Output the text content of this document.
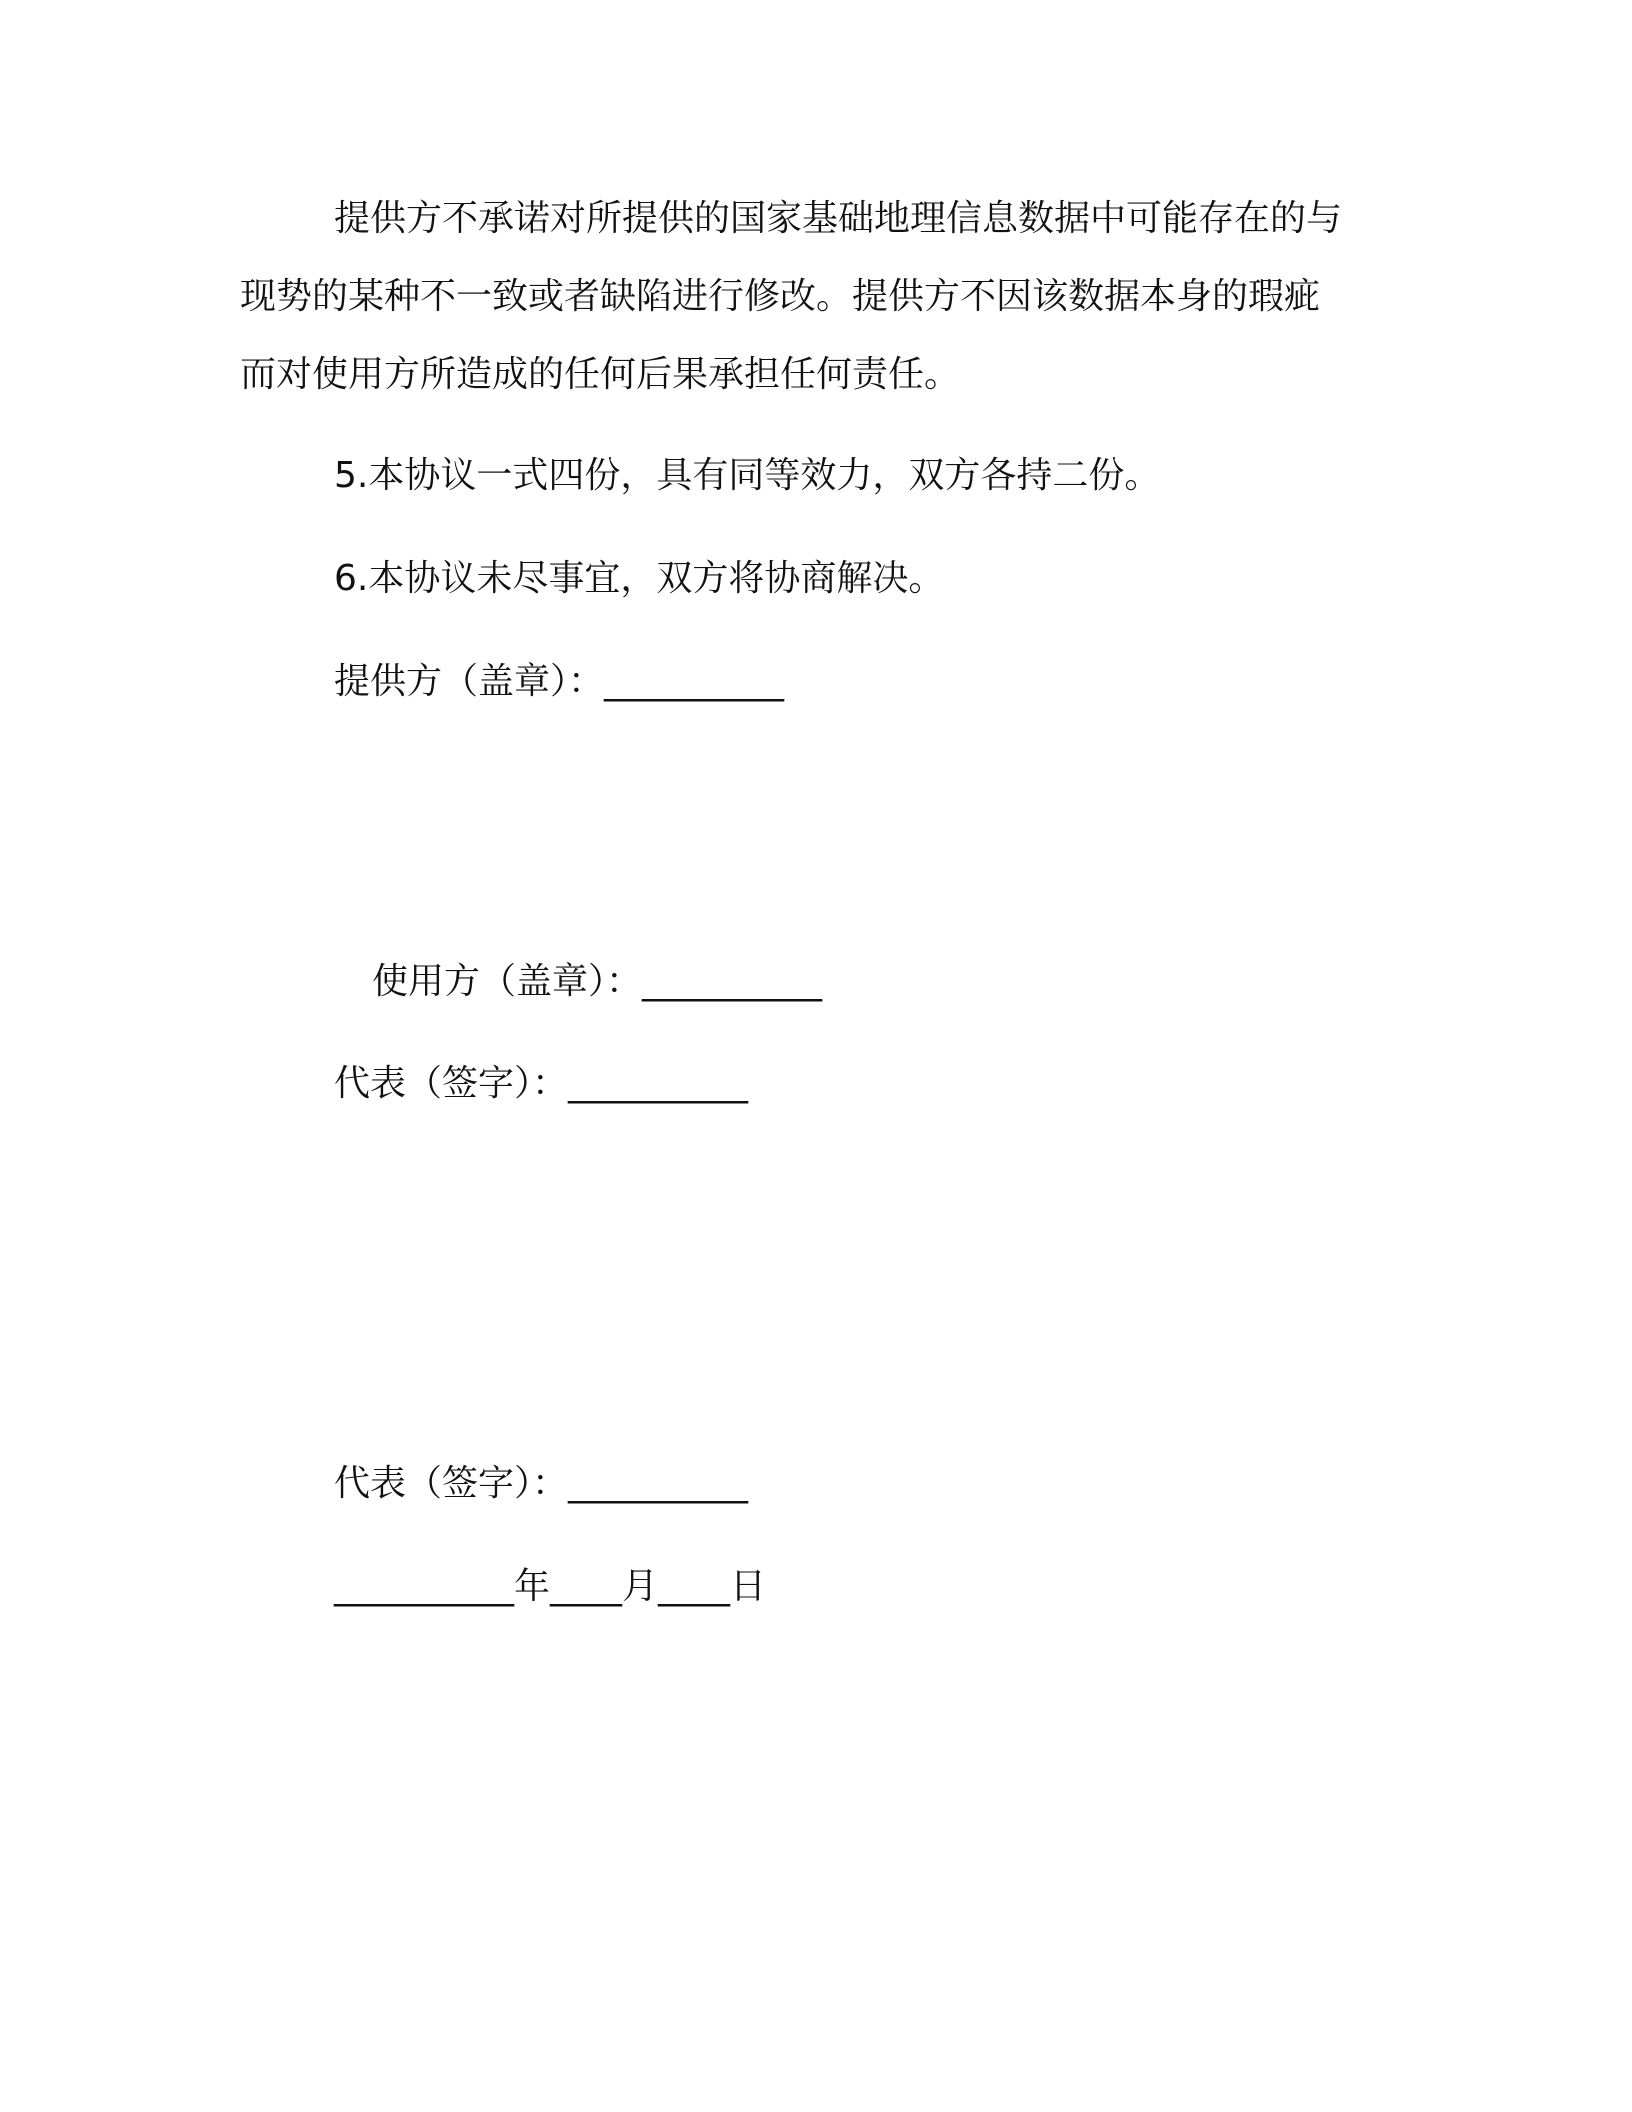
提供方不承诺对所提供的国家基础地理信息数据中可能存在的与
现势的某种不一致或者缺陷进行修改。提供方不因该数据本身的瑕疵
而对使用方所造成的任何后果承担任何责任。
5.本协议一式四份，具有同等效力，双方各持二份。
6.本协议未尽事宜，双方将协商解决。
提供方（盖章）：__________
使用方（盖章）：__________
代表（签字）：__________
代表（签字）：__________
__________年____月____日
